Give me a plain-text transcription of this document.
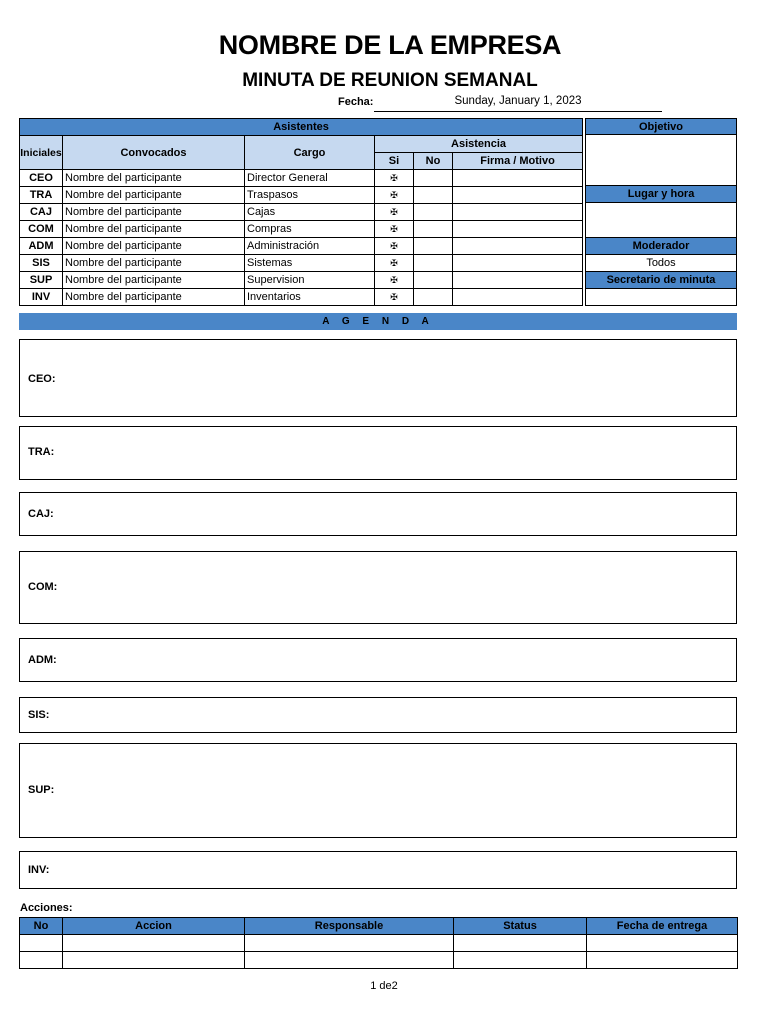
NOMBRE DE LA EMPRESA
MINUTA DE REUNION SEMANAL
Fecha:	Sunday, January 1, 2023
Asistentes					
Iniciales	Convocados	Cargo	Asistencia		
			Si	No	Firma / Motivo
CEO	Nombre del participante	Director General	✠		
TRA	Nombre del participante	Traspasos	✠		
CAJ	Nombre del participante	Cajas	✠		
COM	Nombre del participante	Compras	✠		
ADM	Nombre del participante	Administración	✠		
SIS	Nombre del participante	Sistemas	✠		
SUP	Nombre del participante	Supervision	✠		
INV	Nombre del participante	Inventarios	✠		
Objetivo
Lugar y hora
Moderador
Todos
Secretario de minuta
A G E N D A
CEO:
TRA:
CAJ:
COM:
ADM:
SIS:
SUP:
INV:
Acciones:
No	Accion	Responsable	Status	Fecha de entrega

1 de2
